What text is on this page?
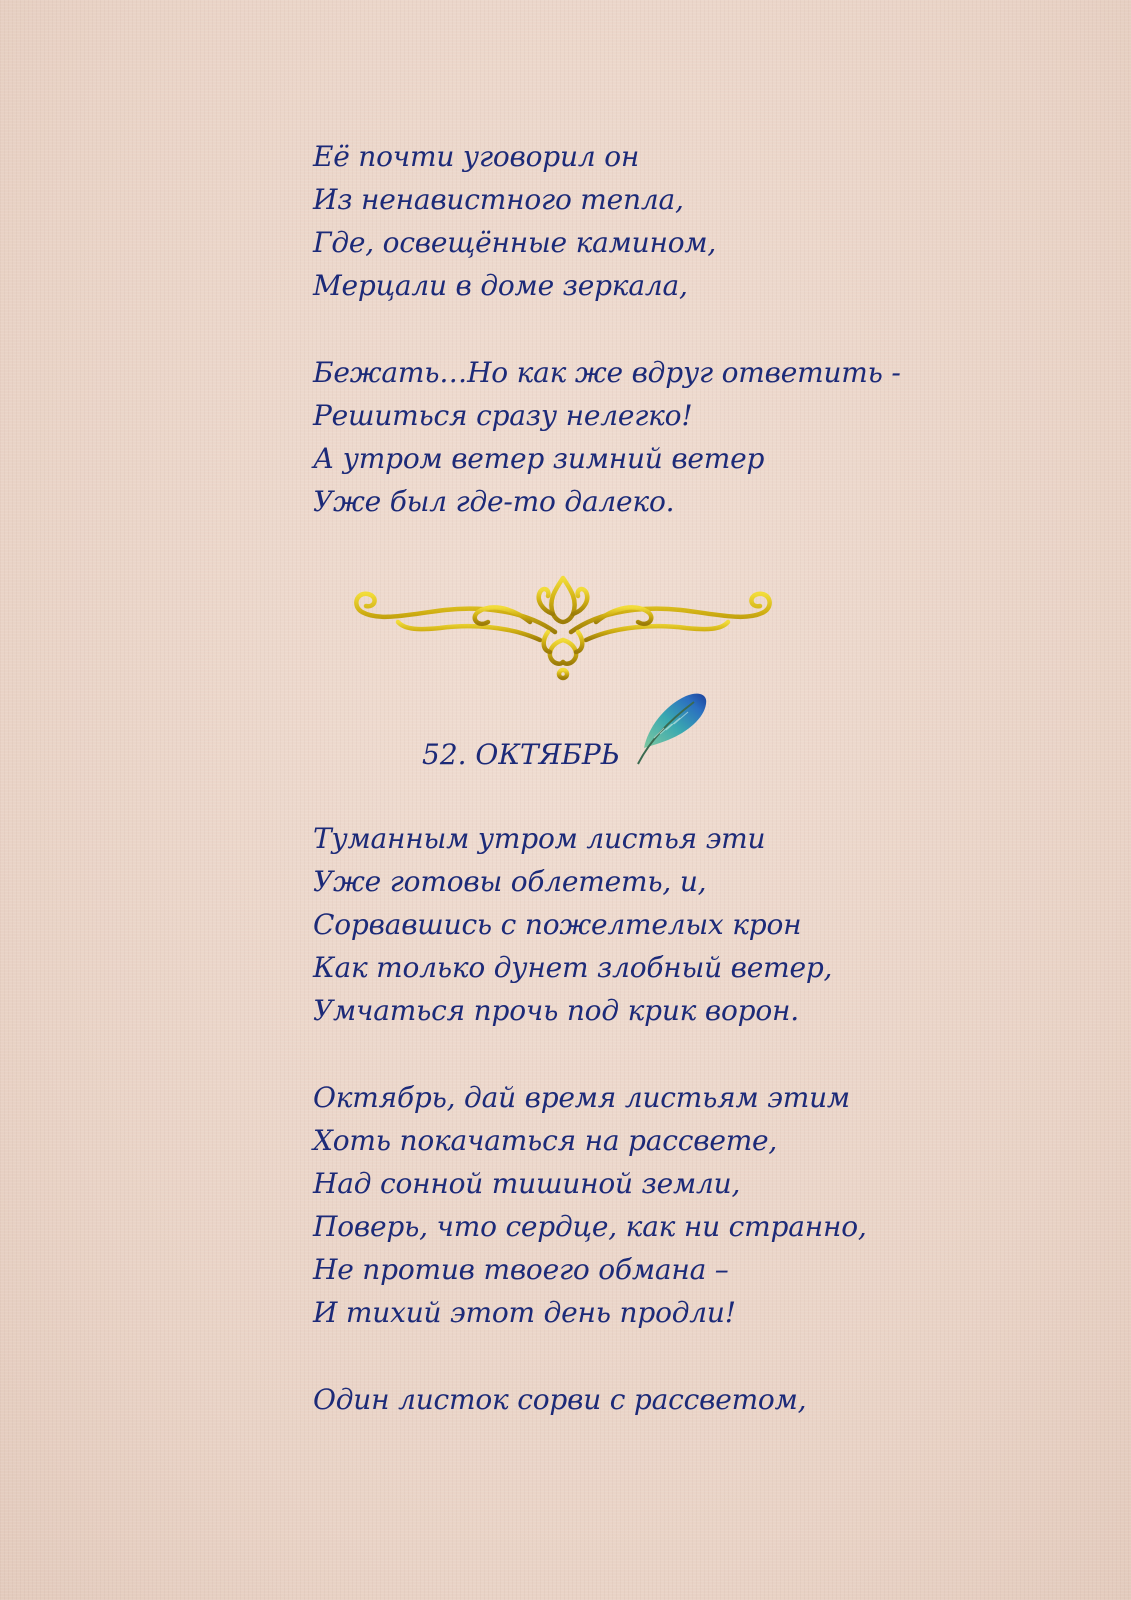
Её почти уговорил он

Из ненавистного тепла,

Где, освещённые камином,

Мерцали в доме зеркала,

Бежать…Но как же вдруг ответить -

Решиться сразу нелегко!

А утром ветер зимний ветер

Уже был где-то далеко.

52. ОКТЯБРЬ

Туманным утром листья эти

Уже готовы облететь, и,

Сорвавшись с пожелтелых крон

Как только дунет злобный ветер,

Умчаться прочь под крик ворон.

Октябрь, дай время листьям этим

Хоть покачаться на рассвете,

Над сонной тишиной земли,

Поверь, что сердце, как ни странно,

Не против твоего обмана –

И тихий этот день продли!

Один листок сорви с рассветом,
